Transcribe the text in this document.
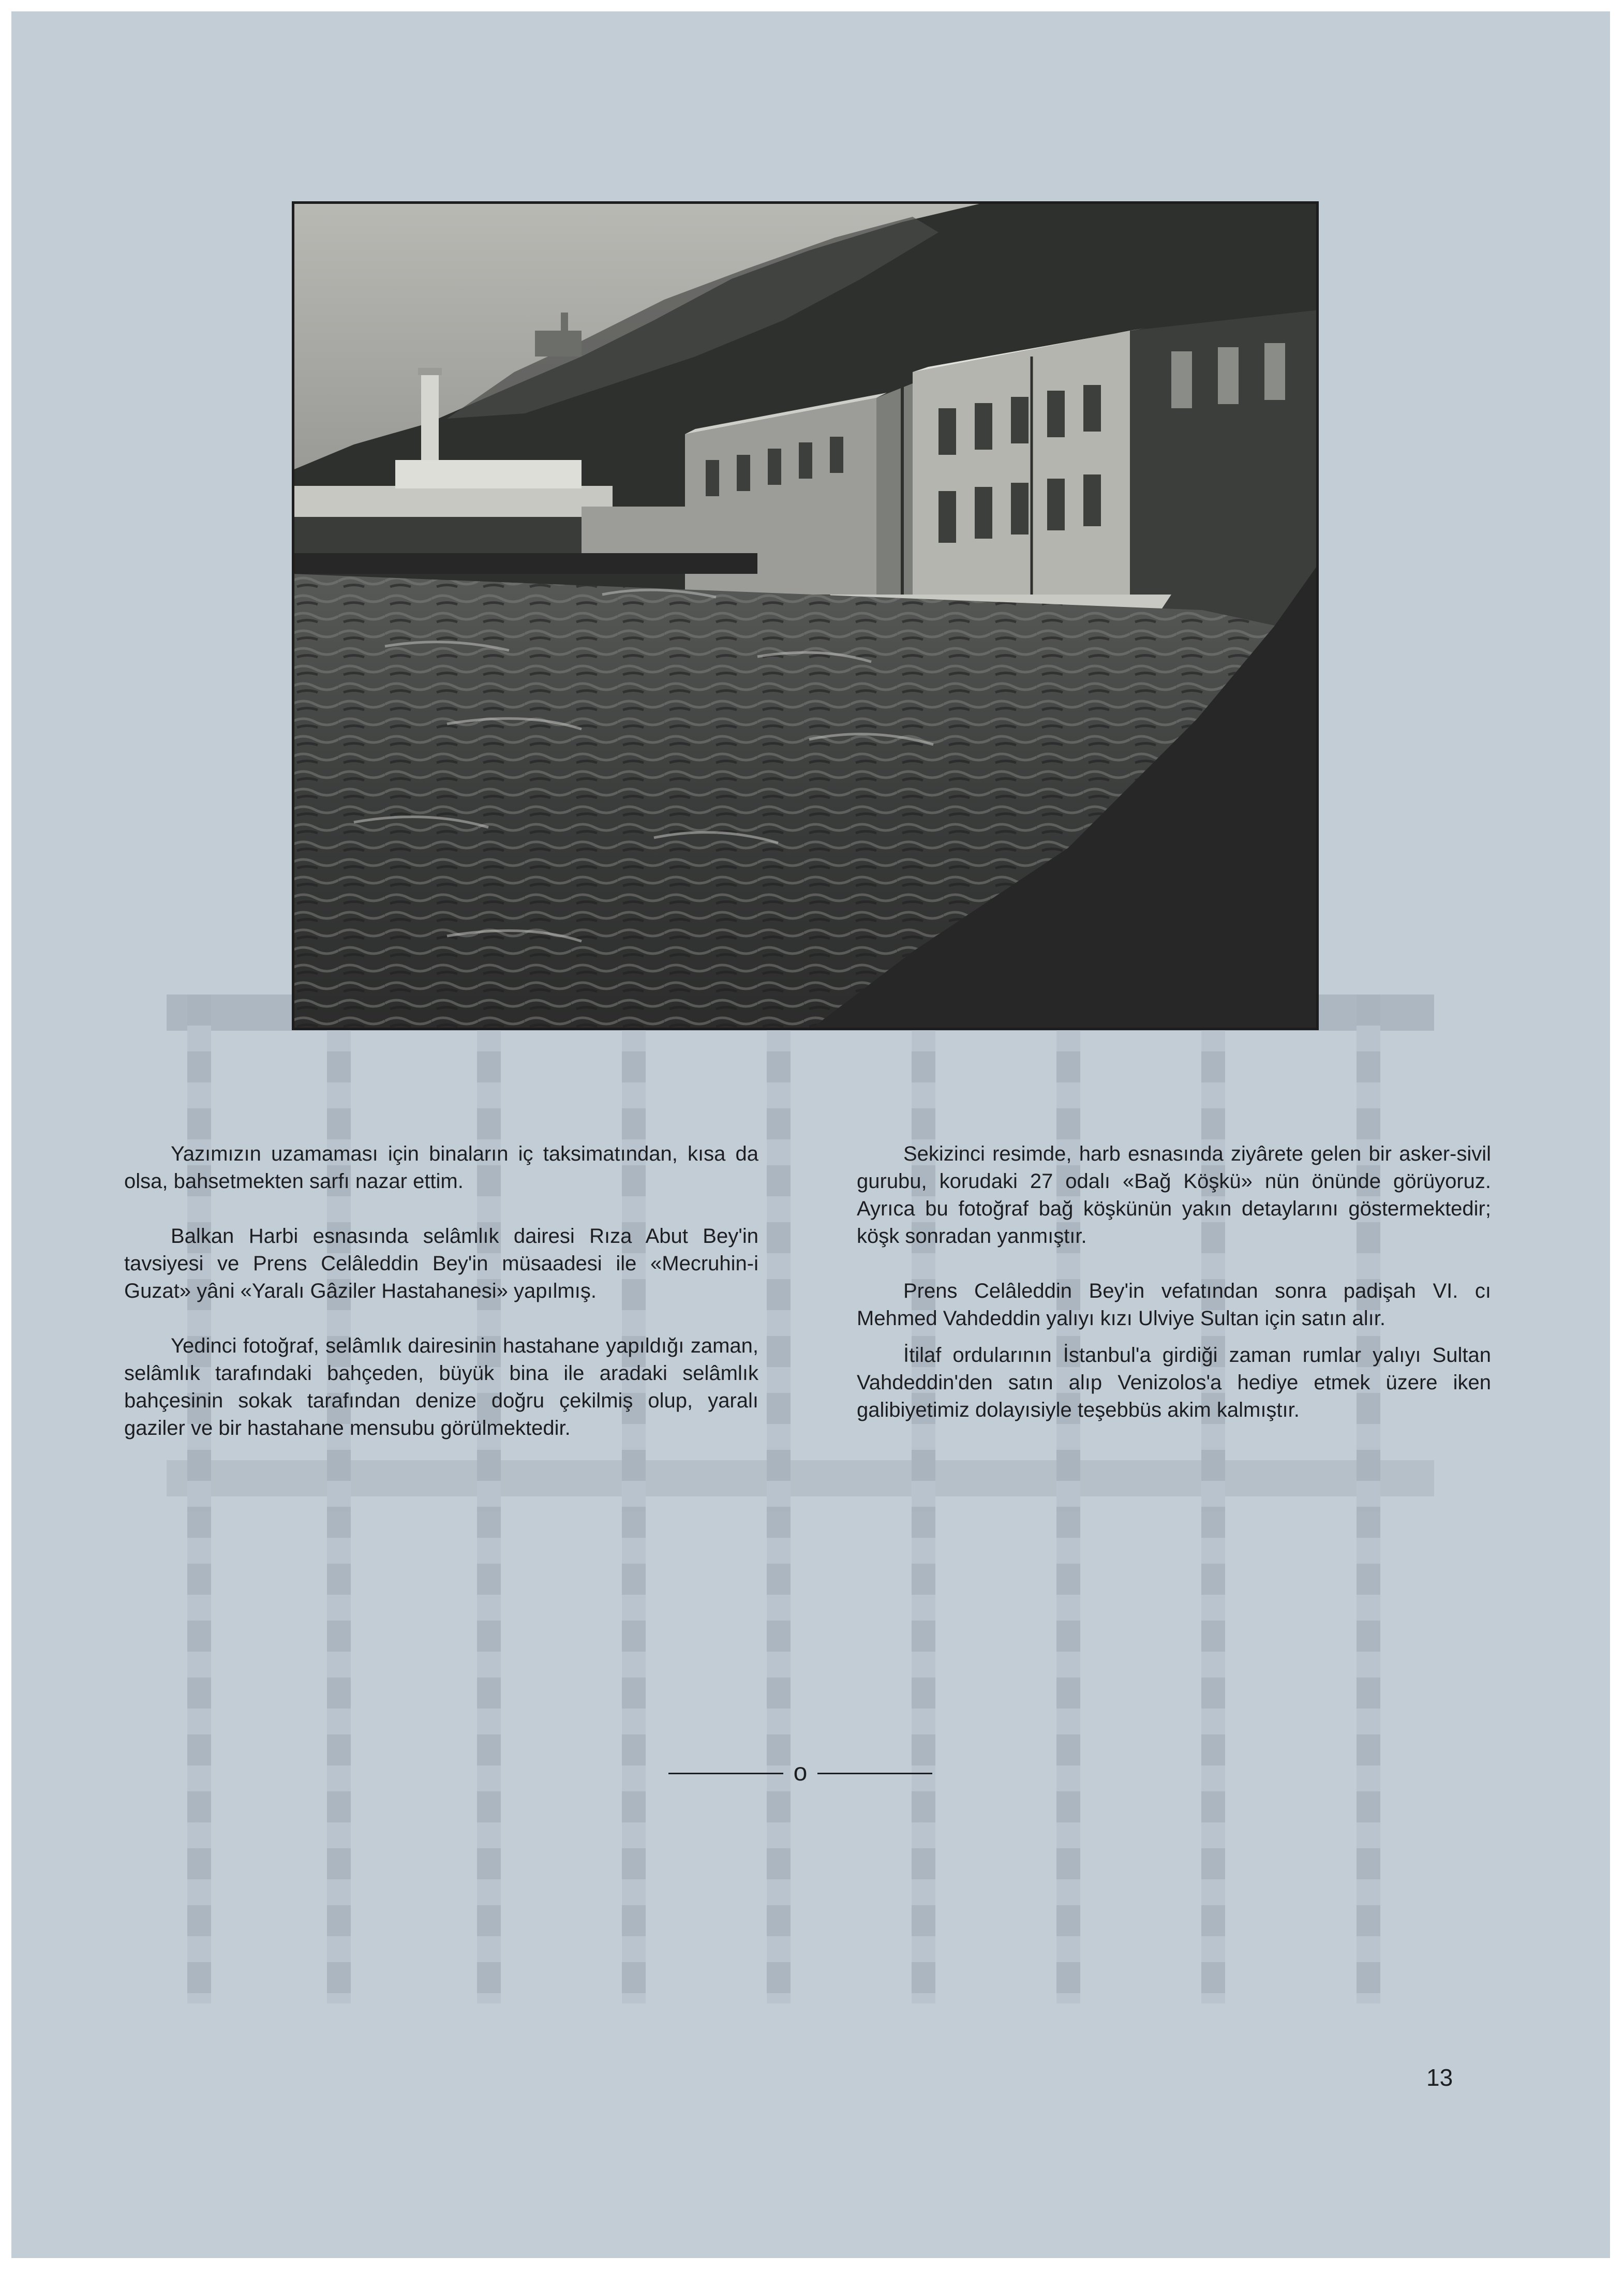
Yazımızın uzamaması için binaların iç taksimatından, kısa da olsa, bahsetmekten sarfı nazar ettim.

Balkan Harbi esnasında selâmlık dairesi Rıza Abut Bey'in tavsiyesi ve Prens Celâleddin Bey'in müsaadesi ile «Mecruhin-i Guzat» yâni «Yaralı Gâziler Hastahanesi» yapılmış.

Yedinci fotoğraf, selâmlık dairesinin hastahane yapıldığı zaman, selâmlık tarafındaki bahçeden, büyük bina ile aradaki selâmlık bahçesinin sokak tarafından denize doğru çekilmiş olup, yaralı gaziler ve bir hastahane mensubu görülmektedir.

Sekizinci resimde, harb esnasında ziyârete gelen bir asker-sivil gurubu, korudaki 27 odalı «Bağ Köşkü» nün önünde görüyoruz. Ayrıca bu fotoğraf bağ köşkünün yakın detaylarını göstermektedir; köşk sonradan yanmıştır.

Prens Celâleddin Bey'in vefatından sonra padişah VI. cı Mehmed Vahdeddin yalıyı kızı Ulviye Sultan için satın alır.

İtilaf ordularının İstanbul'a girdiği zaman rumlar yalıyı Sultan Vahdeddin'den satın alıp Venizolos'a hediye etmek üzere iken galibiyetimiz dolayısiyle teşebbüs akim kalmıştır.

o
13
